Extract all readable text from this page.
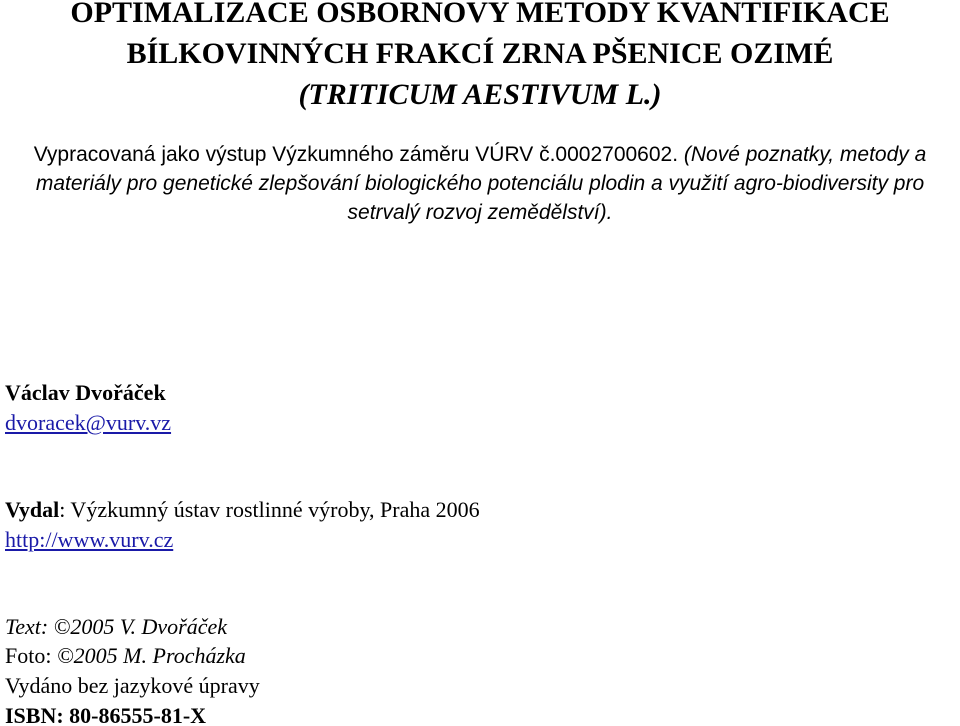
OPTIMALIZACE OSBORNOVY METODY KVANTIFIKACE
BÍLKOVINNÝCH FRAKCÍ ZRNA PŠENICE OZIMÉ
(TRITICUM AESTIVUM L.)

Vypracovaná jako výstup Výzkumného záměru VÚRV č.0002700602. (Nové poznatky, metody a materiály pro genetické zlepšování biologického potenciálu plodin a využití agro-biodiversity pro setrvalý rozvoj zemědělství).

Václav Dvořáček

dvoracek@vurv.vz

Vydal: Výzkumný ústav rostlinné výroby, Praha 2006

http://www.vurv.cz

Text: ©2005 V. Dvořáček

Foto: ©2005 M. Procházka

Vydáno bez jazykové úpravy

ISBN: 80-86555-81-X
